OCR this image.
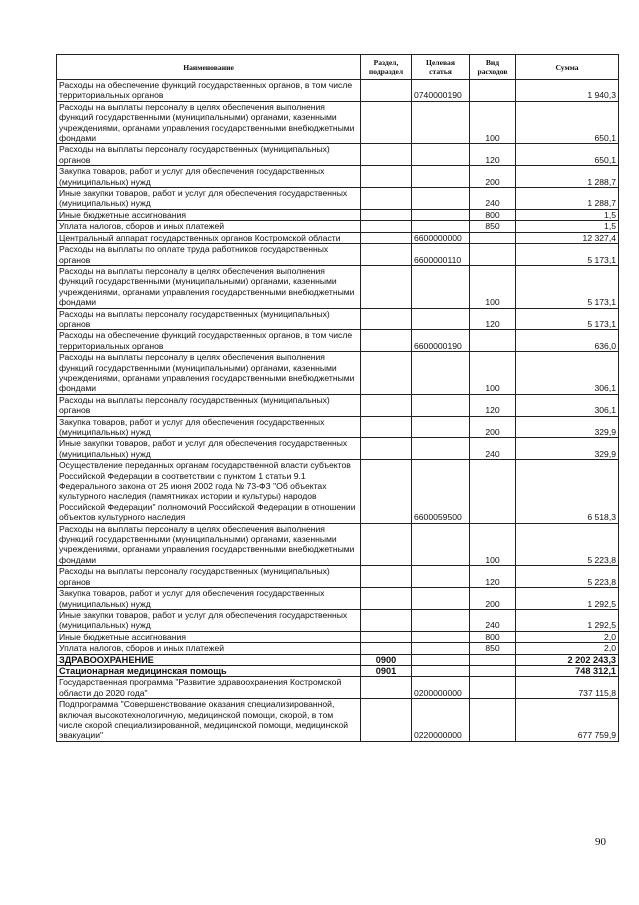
Наименование	Раздел, подраздел	Целевая статья	Вид расходов	Сумма
Расходы на обеспечение функций государственных органов, в том числе территориальных органов		0740000190		1 940,3
Расходы на выплаты персоналу в целях обеспечения выполнения функций государственными (муниципальными) органами, казенными учреждениями, органами управления государственными внебюджетными фондами			100	650,1
Расходы на выплаты персоналу государственных (муниципальных) органов			120	650,1
Закупка товаров, работ и услуг для обеспечения государственных (муниципальных) нужд			200	1 288,7
Иные закупки товаров, работ и услуг для обеспечения государственных (муниципальных) нужд			240	1 288,7
Иные бюджетные ассигнования			800	1,5
Уплата налогов, сборов и иных платежей			850	1,5
Центральный аппарат государственных органов Костромской области		6600000000		12 327,4
Расходы на выплаты по оплате труда работников государственных органов		6600000110		5 173,1
Расходы на выплаты персоналу в целях обеспечения выполнения функций государственными (муниципальными) органами, казенными учреждениями, органами управления государственными внебюджетными фондами			100	5 173,1
Расходы на выплаты персоналу государственных (муниципальных) органов			120	5 173,1
Расходы на обеспечение функций государственных органов, в том числе территориальных органов		6600000190		636,0
Расходы на выплаты персоналу в целях обеспечения выполнения функций государственными (муниципальными) органами, казенными учреждениями, органами управления государственными внебюджетными фондами			100	306,1
Расходы на выплаты персоналу государственных (муниципальных) органов			120	306,1
Закупка товаров, работ и услуг для обеспечения государственных (муниципальных) нужд			200	329,9
Иные закупки товаров, работ и услуг для обеспечения государственных (муниципальных) нужд			240	329,9
Осуществление переданных органам государственной власти субъектов Российской Федерации в соответствии с пунктом 1 статьи 9.1 Федерального закона от 25 июня 2002 года № 73-ФЗ "Об объектах культурного наследия (памятниках истории и культуры) народов Российской Федерации" полномочий Российской Федерации в отношении объектов культурного наследия		6600059500		6 518,3
Расходы на выплаты персоналу в целях обеспечения выполнения функций государственными (муниципальными) органами, казенными учреждениями, органами управления государственными внебюджетными фондами			100	5 223,8
Расходы на выплаты персоналу государственных (муниципальных) органов			120	5 223,8
Закупка товаров, работ и услуг для обеспечения государственных (муниципальных) нужд			200	1 292,5
Иные закупки товаров, работ и услуг для обеспечения государственных (муниципальных) нужд			240	1 292,5
Иные бюджетные ассигнования			800	2,0
Уплата налогов, сборов и иных платежей			850	2,0
ЗДРАВООХРАНЕНИЕ	0900			2 202 243,3
Стационарная медицинская помощь	0901			748 312,1
Государственная программа "Развитие здравоохранения Костромской области до 2020 года"		0200000000		737 115,8
Подпрограмма "Совершенствование оказания специализированной, включая высокотехнологичную, медицинской помощи, скорой, в том числе скорой специализированной, медицинской помощи, медицинской эвакуации"		0220000000		677 759,9
90
